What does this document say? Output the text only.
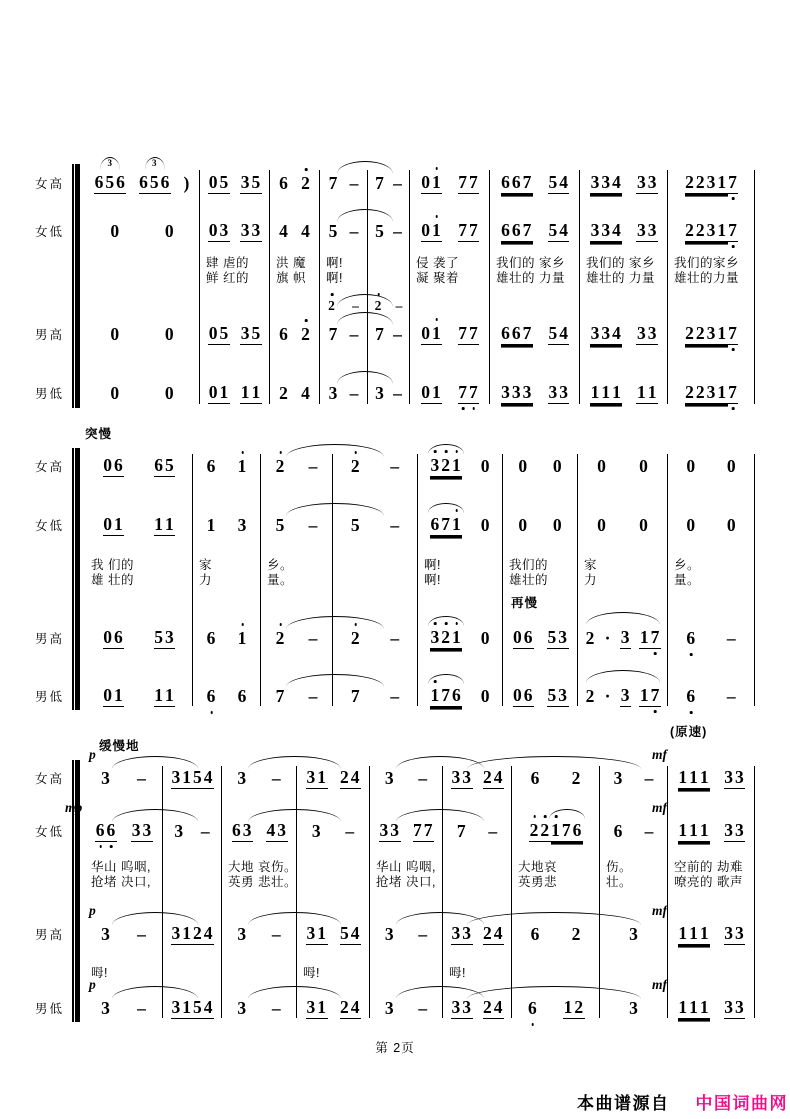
女高 6 5 6
3
6 5 6
3
) 0 5 3 5 6 2 7 – 7 – 0 1 7 7 6 6 7 5 4 3 3 4 3 3 2 2 3 1 7
女低	0	0 0 3 3 3 4 4 5 – 5 – 0 1 7 7 6 6 7 5 4 3 3 4 3 3 2 2 3 1 7
肆 虐的
鲜 红的
洪 魔
旗 帜
啊!
啊!
侵 袭了
凝 聚着
我们的 家乡
雄壮的 力量
我们的 家乡
雄壮的 力量
我们的家乡
雄壮的力量
男高	0	0 0 5 3 5 6 2 7 –
2 –
7 –
2 –
0 1 7 7 6 6 7 5 4 3 3 4 3 3 2 2 3 1 7
男低	0	0 0 1 1 1 2 4 3 – 3 – 0 1 7 7 3 3 3 3 3 1 1 1 1 1 2 2 3 1 7
女高 0 6 6 5
突慢
6 1 2 – 2 – 3 2 1 0 0 0 0 0 0 0
女低 0 1 1 1 1 3 5 – 5 – 6 7 1 0 0 0 0 0 0 0
我 们的
雄 壮的
家
力
乡。
量。
啊!
啊!
我们的
雄壮的
家
力
乡。
量。
男高 0 6 5 3 6 1 2 – 2 – 3 2 1 0 0 6 5 3
再慢
2 · 3 1 7 6 –
男低 0 1 1 1 6 6 7 – 7 – 1 7 6 0 0 6 5 3 2 · 3 1 7 6 –
女高 3 –
p
缓慢地
3 1 5 4 3 – 3 1 2 4 3 – 3 3 2 4 6 2 3 – 1 1 1 3 3
mf
(原速)
女低 6 6 3 3
mp
3 – 6 3 4 3 3 – 3 3 7 7 7 – 2 2 1 7 6 6 – 1 1 1 3 3
mf
华山 呜咽,
抢堵 决口,
大地 哀伤。
英勇 悲壮。
华山 呜咽,
抢堵 决口,
大地哀
英勇悲
伤。
壮。
空前的 劫难
嘹亮的 歌声
男高 3 –
p
3 1 2 4 3 – 3 1 5 4 3 – 3 3 2 4 6 2	3 1 1 1 3 3
mf
呣!	呣!	呣!
男低 3 –
p
3 1 5 4 3 – 3 1 2 4 3 – 3 3 2 4 6 1 2	3 1 1 1 3 3
mf
第 2页
本曲谱源自 中国词曲网
